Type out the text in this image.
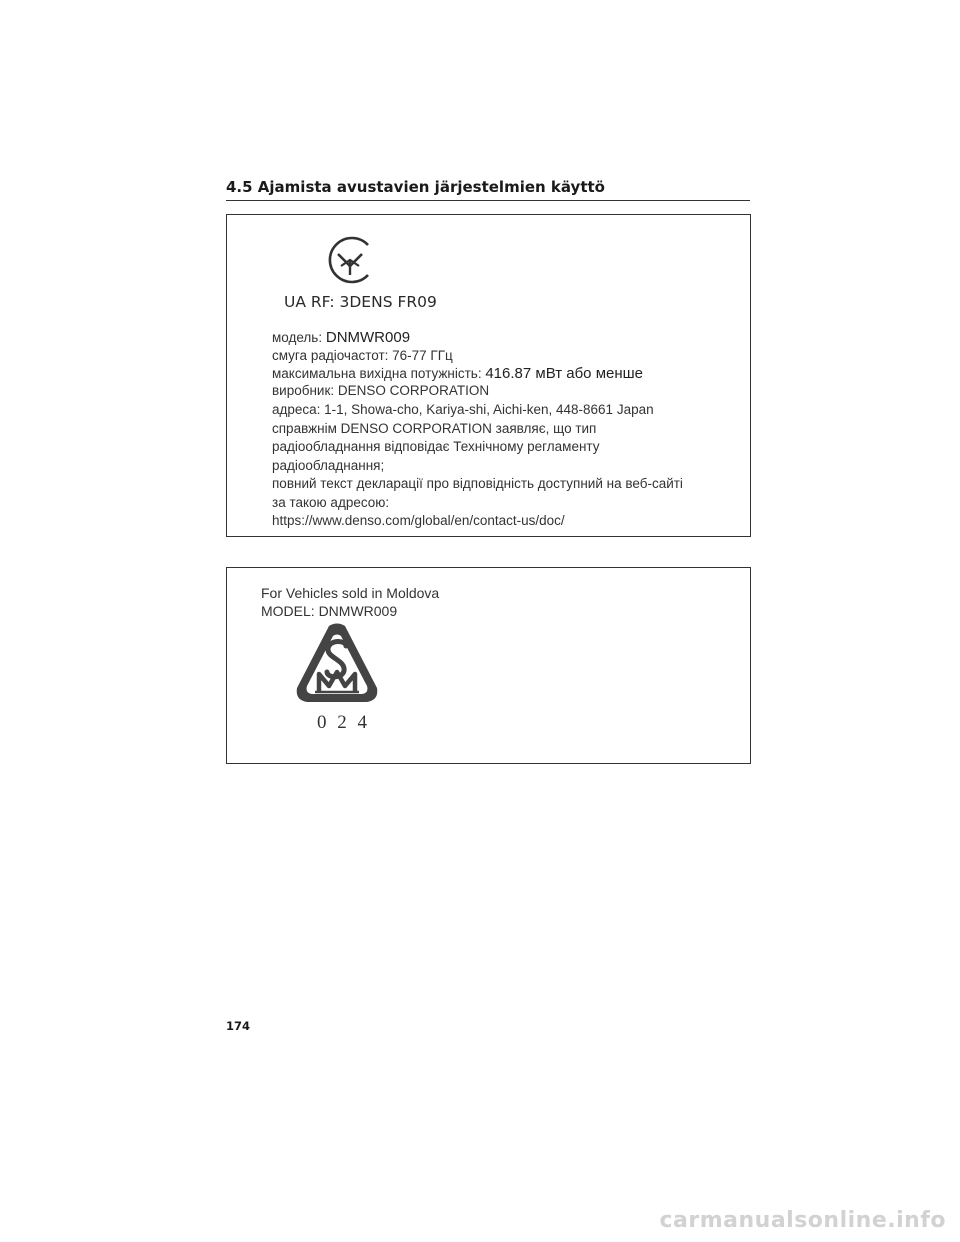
4.5 Ajamista avustavien järjestelmien käyttö
UA RF: 3DENS FR09
модель: DNMWR009
смуга радіочастот: 76-77 ГГц
максимальна вихідна потужність: 416.87 мВт або менше
виробник: DENSO CORPORATION
адреса: 1-1, Showa-cho, Kariya-shi, Aichi-ken, 448-8661 Japan
справжнім DENSO CORPORATION заявляє, що тип
радіообладнання відповідає Технічному регламенту
радіообладнання;
повний текст декларації про відповідність доступний на веб-сайті
за такою адресою:
https://www.denso.com/global/en/contact-us/doc/
For Vehicles sold in Moldova
MODEL: DNMWR009
0 2 4
174
carmanualsonline.info
